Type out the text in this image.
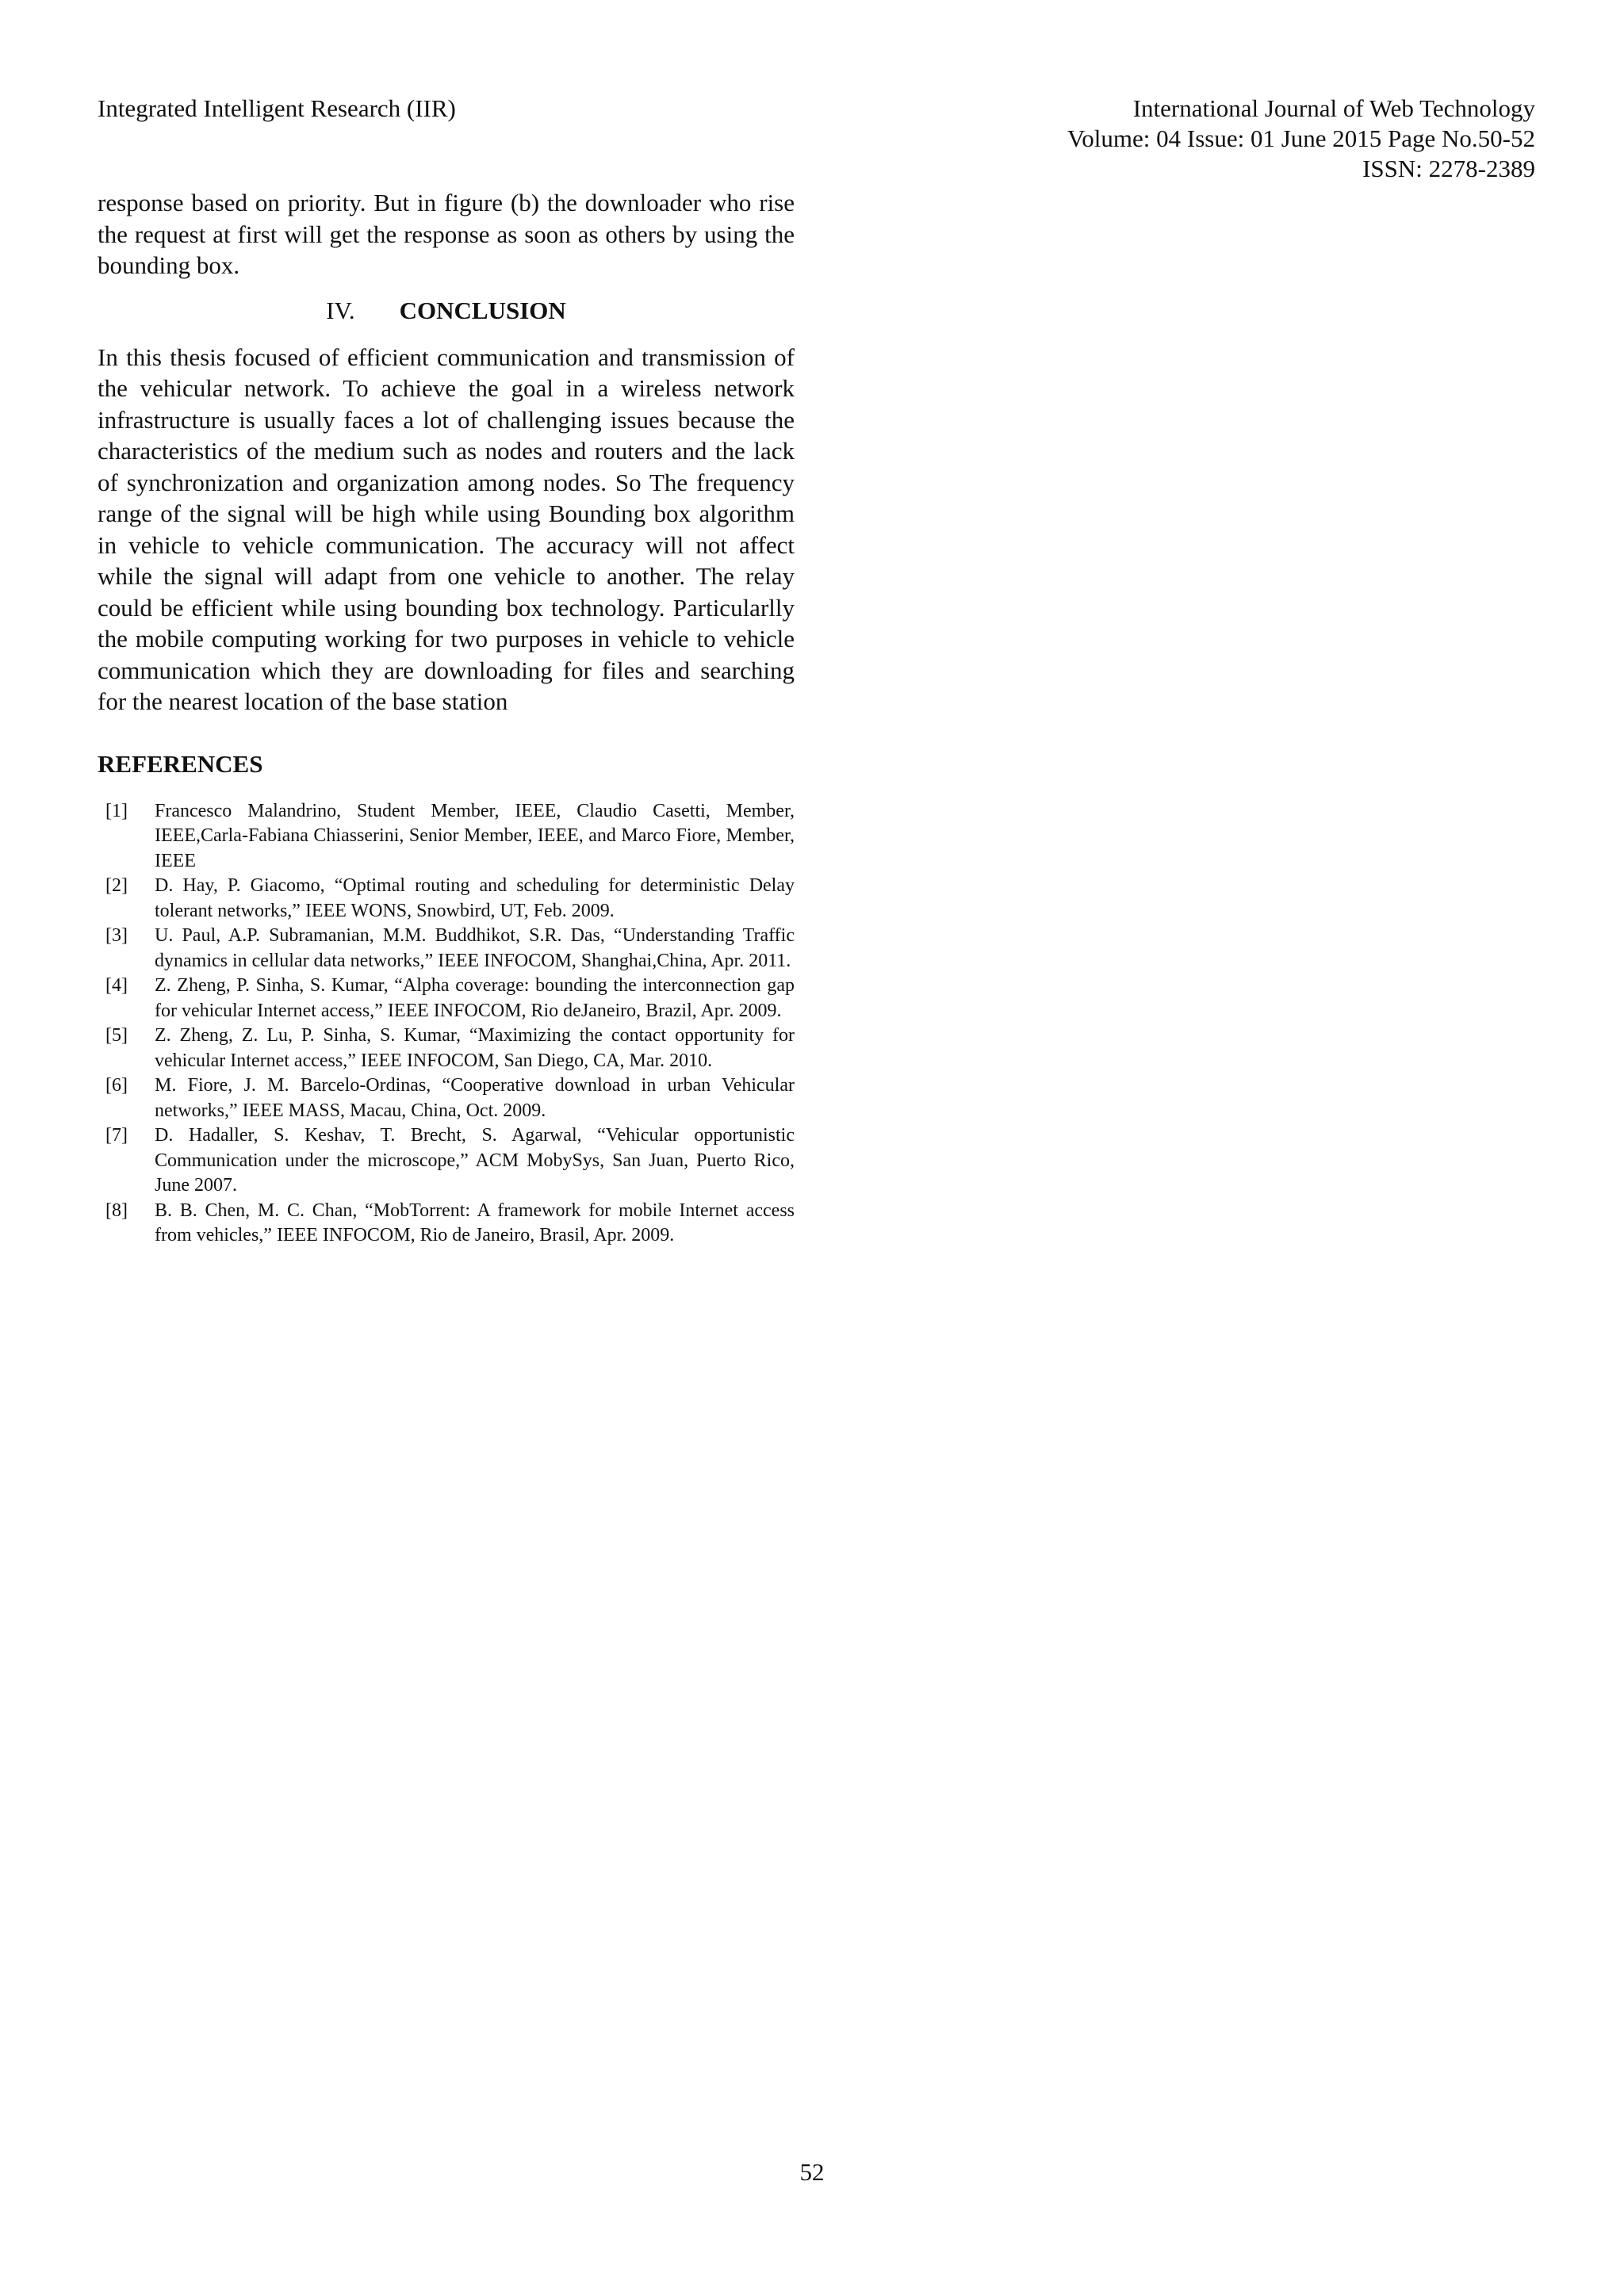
Integrated Intelligent Research (IIR)	International Journal of Web Technology
Volume: 04 Issue: 01 June 2015 Page No.50-52
ISSN: 2278-2389

response based on priority. But in figure (b) the downloader who rise the request at first will get the response as soon as others by using the bounding box.

IV. CONCLUSION

In this thesis focused of efficient communication and transmission of the vehicular network. To achieve the goal in a wireless network infrastructure is usually faces a lot of challenging issues because the characteristics of the medium such as nodes and routers and the lack of synchronization and organization among nodes. So The frequency range of the signal will be high while using Bounding box algorithm in vehicle to vehicle communication. The accuracy will not affect while the signal will adapt from one vehicle to another. The relay could be efficient while using bounding box technology. Particularlly the mobile computing working for two purposes in vehicle to vehicle communication which they are downloading for files and searching for the nearest location of the base station

REFERENCES
[1]	Francesco Malandrino, Student Member, IEEE, Claudio Casetti, Member, IEEE,Carla-Fabiana Chiasserini, Senior Member, IEEE, and Marco Fiore, Member, IEEE
[2]	D. Hay, P. Giacomo, “Optimal routing and scheduling for deterministic Delay tolerant networks,” IEEE WONS, Snowbird, UT, Feb. 2009.
[3]	U. Paul, A.P. Subramanian, M.M. Buddhikot, S.R. Das, “Understanding Traffic dynamics in cellular data networks,” IEEE INFOCOM, Shanghai,China, Apr. 2011.
[4]	Z. Zheng, P. Sinha, S. Kumar, “Alpha coverage: bounding the interconnection gap for vehicular Internet access,” IEEE INFOCOM, Rio deJaneiro, Brazil, Apr. 2009.
[5]	Z. Zheng, Z. Lu, P. Sinha, S. Kumar, “Maximizing the contact opportunity for vehicular Internet access,” IEEE INFOCOM, San Diego, CA, Mar. 2010.
[6]	M. Fiore, J. M. Barcelo-Ordinas, “Cooperative download in urban Vehicular networks,” IEEE MASS, Macau, China, Oct. 2009.
[7]	D. Hadaller, S. Keshav, T. Brecht, S. Agarwal, “Vehicular opportunistic Communication under the microscope,” ACM MobySys, San Juan, Puerto Rico, June 2007.
[8]	B. B. Chen, M. C. Chan, “MobTorrent: A framework for mobile Internet access from vehicles,” IEEE INFOCOM, Rio de Janeiro, Brasil, Apr. 2009.
52
